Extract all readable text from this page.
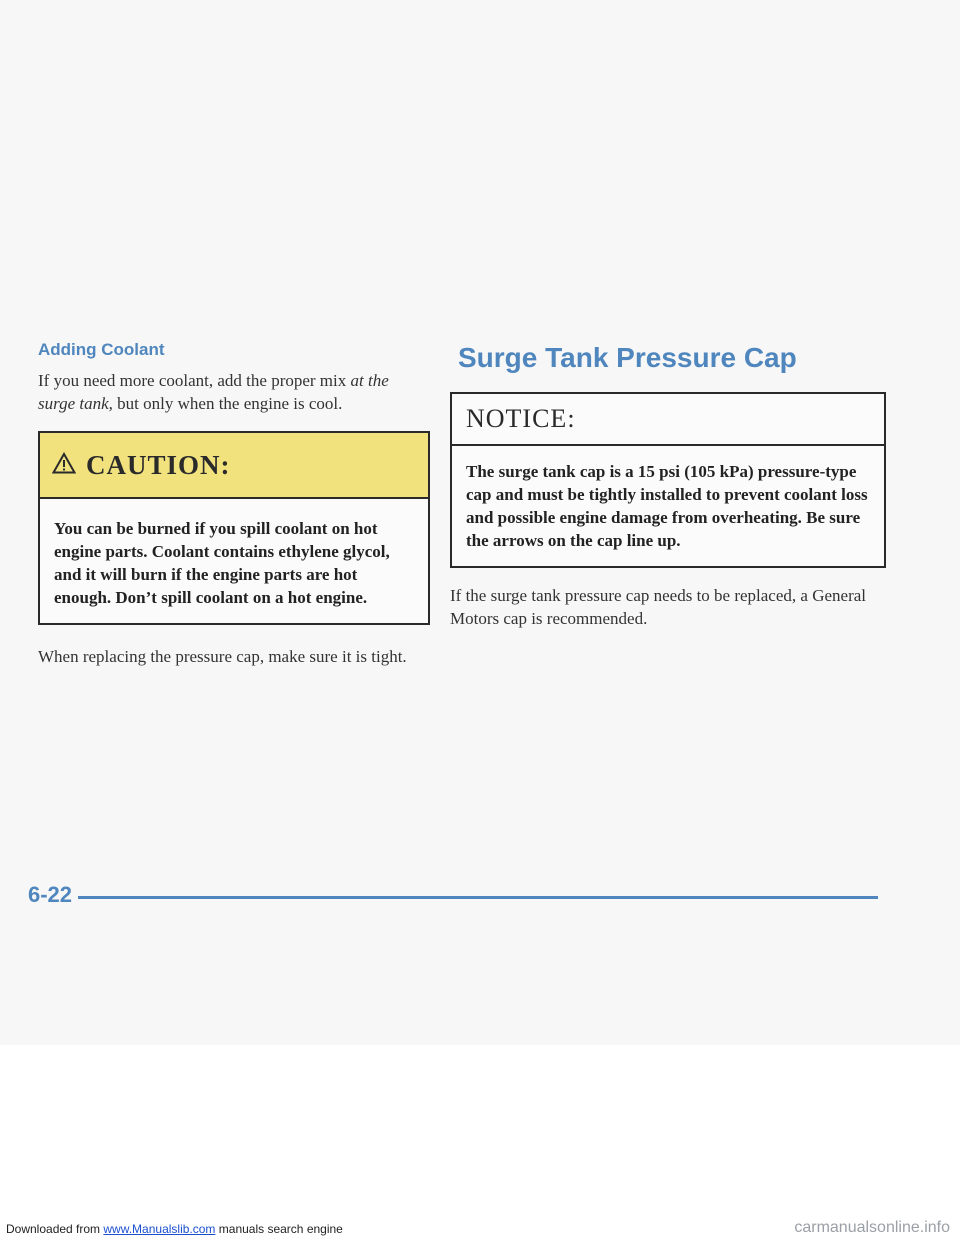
Adding Coolant

If you need more coolant, add the proper mix at the surge tank, but only when the engine is cool.

CAUTION:
You can be burned if you spill coolant on hot engine parts. Coolant contains ethylene glycol, and it will burn if the engine parts are hot enough. Don’t spill coolant on a hot engine.

When replacing the pressure cap, make sure it is tight.

Surge Tank Pressure Cap
NOTICE:
The surge tank cap is a 15 psi (105 kPa) pressure-type cap and must be tightly installed to prevent coolant loss and possible engine damage from overheating. Be sure the arrows on the cap line up.

If the surge tank pressure cap needs to be replaced, a General Motors cap is recommended.

6-22
Downloaded from www.Manualslib.com manuals search engine	carmanualsonline.info
